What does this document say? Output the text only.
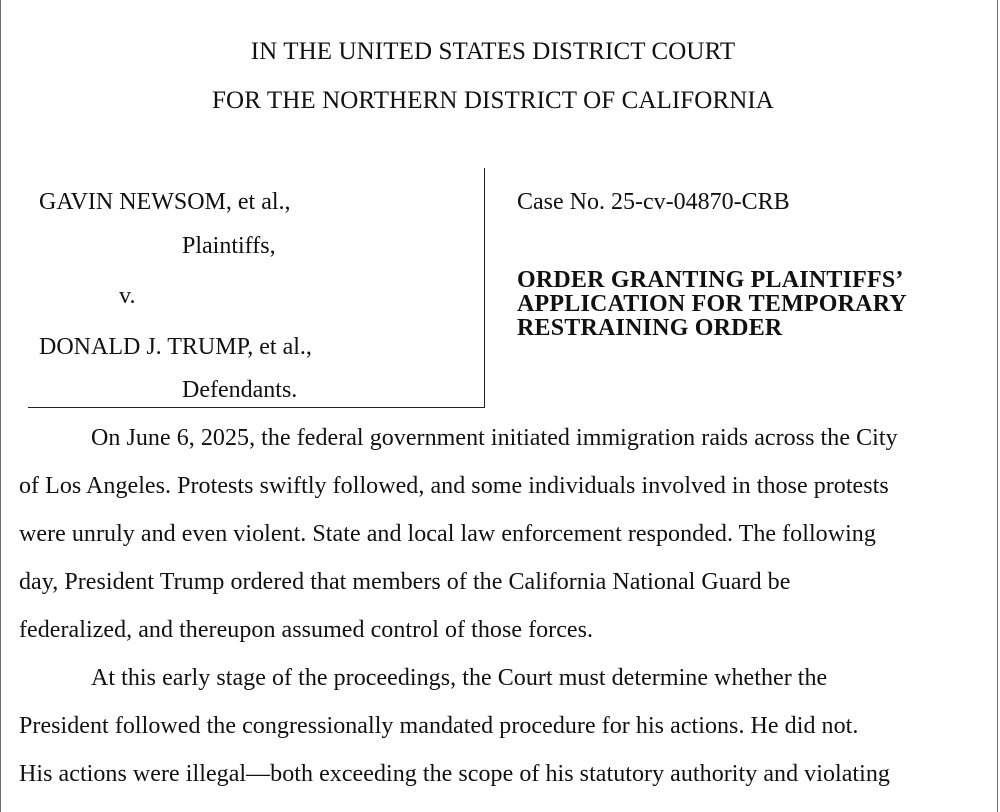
IN THE UNITED STATES DISTRICT COURT
FOR THE NORTHERN DISTRICT OF CALIFORNIA
GAVIN NEWSOM, et al.,
Plaintiffs,
v.
DONALD J. TRUMP, et al.,
Defendants.
Case No. 25-cv-04870-CRB
ORDER GRANTING PLAINTIFFS’
APPLICATION FOR TEMPORARY
RESTRAINING ORDER
On June 6, 2025, the federal government initiated immigration raids across the City
of Los Angeles. Protests swiftly followed, and some individuals involved in those protests
were unruly and even violent. State and local law enforcement responded. The following
day, President Trump ordered that members of the California National Guard be
federalized, and thereupon assumed control of those forces.
At this early stage of the proceedings, the Court must determine whether the
President followed the congressionally mandated procedure for his actions. He did not.
His actions were illegal—both exceeding the scope of his statutory authority and violating
